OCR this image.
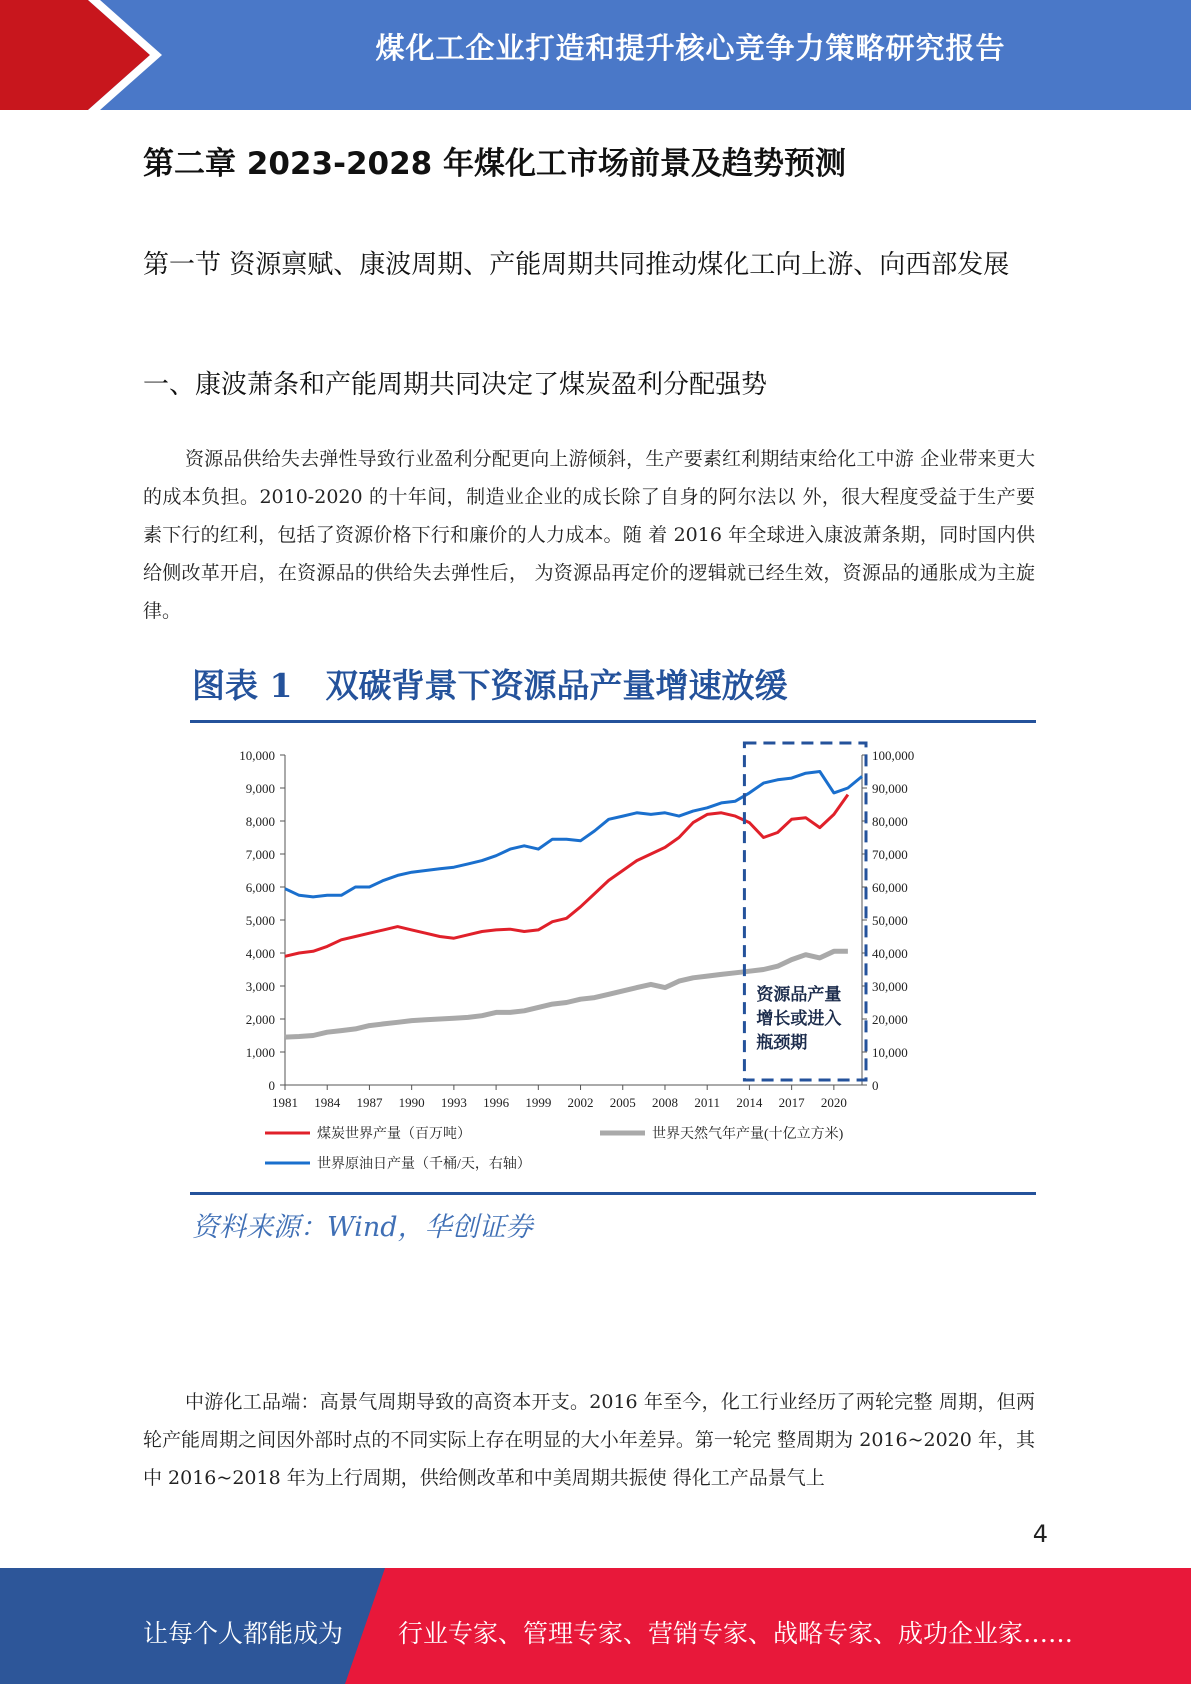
煤化工企业打造和提升核心竞争力策略研究报告
第二章 2023-2028 年煤化工市场前景及趋势预测
第一节 资源禀赋、康波周期、产能周期共同推动煤化工向上游、向西部发展
一、康波萧条和产能周期共同决定了煤炭盈利分配强势

资源品供给失去弹性导致行业盈利分配更向上游倾斜，生产要素红利期结束给化工中游 企业带来更大的成本负担。2010-2020 的十年间，制造业企业的成长除了自身的阿尔法以 外，很大程度受益于生产要素下行的红利，包括了资源价格下行和廉价的人力成本。随 着 2016 年全球进入康波萧条期，同时国内供给侧改革开启，在资源品的供给失去弹性后， 为资源品再定价的逻辑就已经生效，资源品的通胀成为主旋律。

图表 1　双碳背景下资源品产量增速放缓
10,000
9,000
8,000
7,000
6,000
5,000
4,000
3,000
2,000
1,000
0
100,000
90,000
80,000
70,000
60,000
50,000
40,000
30,000
20,000
10,000
0
1981 1984 1987 1990 1993 1996 1999 2002 2005 2008 2011 2014 2017 2020
资源品产量
增长或进入
瓶颈期
煤炭世界产量（百万吨）	世界天然气年产量(十亿立方米)
世界原油日产量（千桶/天，右轴）
资料来源：Wind，华创证券

中游化工品端：高景气周期导致的高资本开支。2016 年至今，化工行业经历了两轮完整 周期，但两轮产能周期之间因外部时点的不同实际上存在明显的大小年差异。第一轮完 整周期为 2016~2020 年，其中 2016~2018 年为上行周期，供给侧改革和中美周期共振使 得化工产品景气上

4
让每个人都能成为 行业专家、管理专家、营销专家、战略专家、成功企业家……
